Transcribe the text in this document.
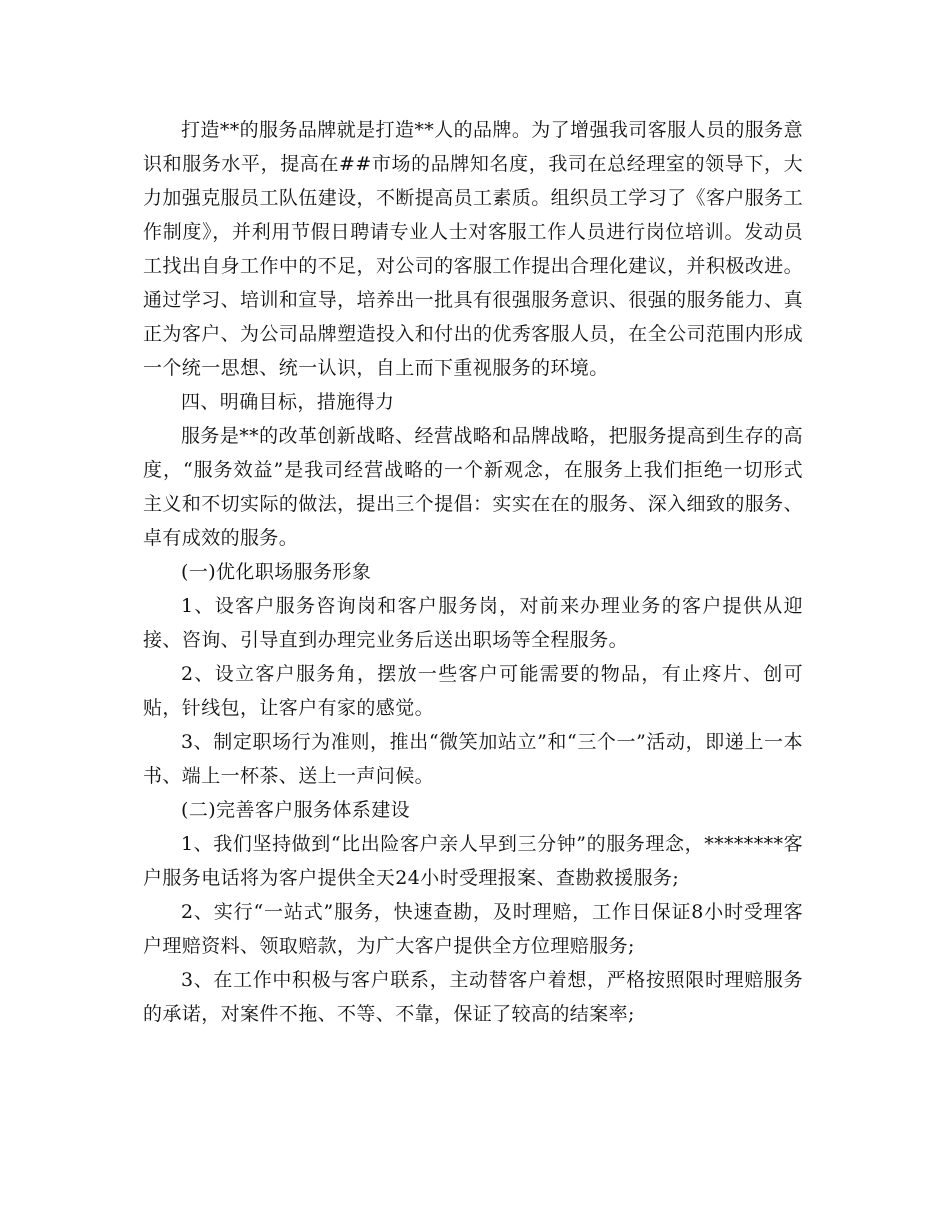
打造**的服务品牌就是打造**人的品牌。为了增强我司客服人员的服务意识和服务水平，提高在##市场的品牌知名度，我司在总经理室的领导下，大力加强克服员工队伍建设，不断提高员工素质。组织员工学习了《客户服务工作制度》，并利用节假日聘请专业人士对客服工作人员进行岗位培训。发动员工找出自身工作中的不足，对公司的客服工作提出合理化建议，并积极改进。通过学习、培训和宣导，培养出一批具有很强服务意识、很强的服务能力、真正为客户、为公司品牌塑造投入和付出的优秀客服人员，在全公司范围内形成一个统一思想、统一认识，自上而下重视服务的环境。

四、明确目标，措施得力

服务是**的改革创新战略、经营战略和品牌战略，把服务提高到生存的高度，“服务效益”是我司经营战略的一个新观念，在服务上我们拒绝一切形式主义和不切实际的做法，提出三个提倡：实实在在的服务、深入细致的服务、卓有成效的服务。

(一)优化职场服务形象

1、设客户服务咨询岗和客户服务岗，对前来办理业务的客户提供从迎接、咨询、引导直到办理完业务后送出职场等全程服务。

2、设立客户服务角，摆放一些客户可能需要的物品，有止疼片、创可贴，针线包，让客户有家的感觉。

3、制定职场行为准则，推出“微笑加站立”和“三个一”活动，即递上一本书、端上一杯茶、送上一声问候。

(二)完善客户服务体系建设

1、我们坚持做到“比出险客户亲人早到三分钟”的服务理念，********客户服务电话将为客户提供全天24小时受理报案、查勘救援服务;

2、实行“一站式”服务，快速查勘，及时理赔，工作日保证8小时受理客户理赔资料、领取赔款，为广大客户提供全方位理赔服务;

3、在工作中积极与客户联系，主动替客户着想，严格按照限时理赔服务的承诺，对案件不拖、不等、不靠，保证了较高的结案率;
